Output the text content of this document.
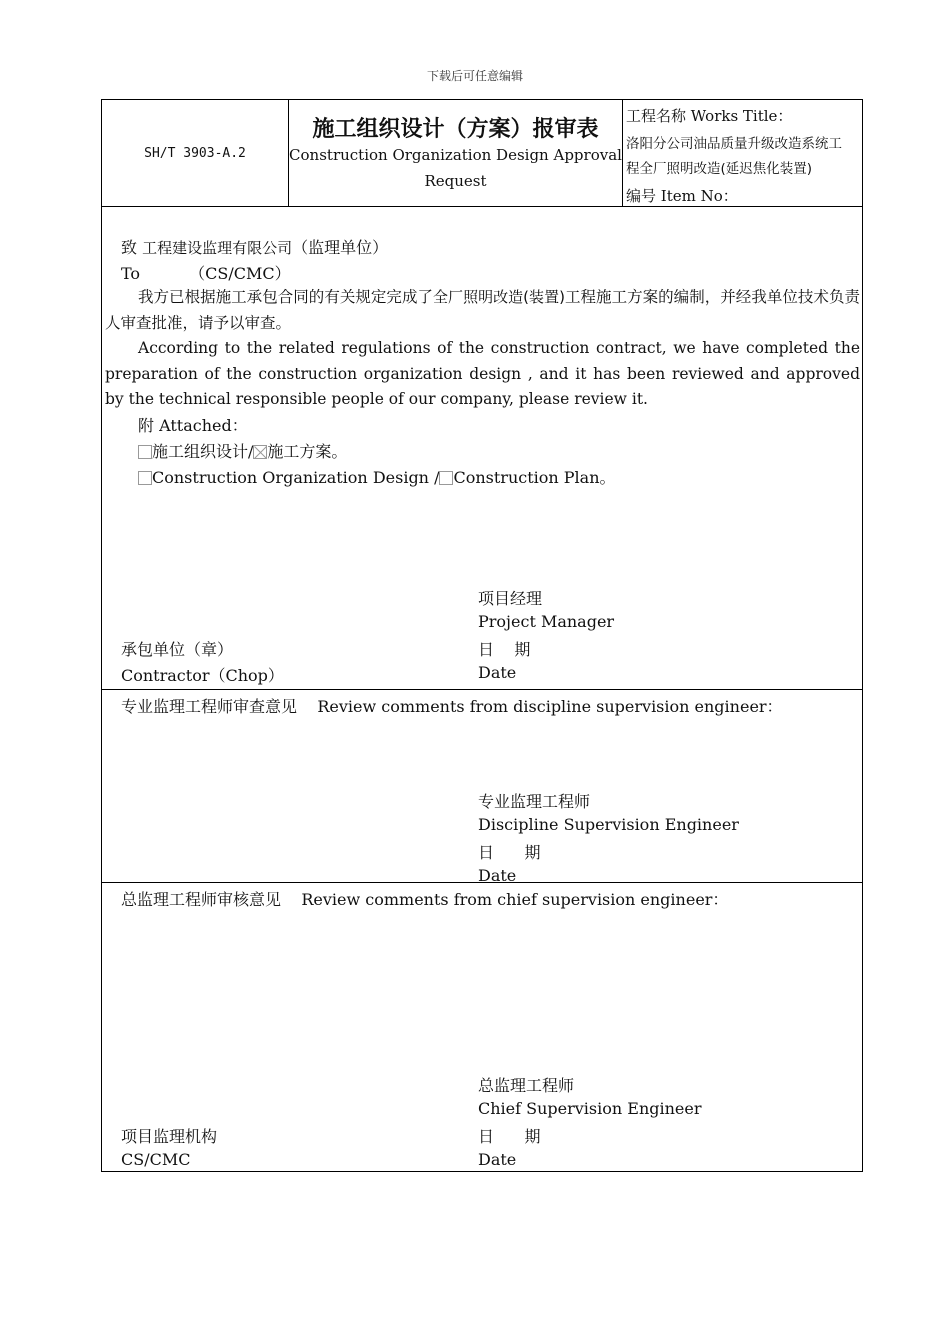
下载后可任意编辑
SH/T 3903-A.2
施工组织设计（方案）报审表
Construction Organization Design Approval
Request
工程名称 Works Title：
洛阳分公司油品质量升级改造系统工
程全厂照明改造(延迟焦化装置)
编号 Item No：
致 工程建设监理有限公司（监理单位）
To	（CS/CMC）
我方已根据施工承包合同的有关规定完成了全厂照明改造(装置)工程施工方案的编制，并经我单位技术负责人审查批准，请予以审查。
According to the related regulations of the construction contract, we have completed the preparation of the construction organization design , and it has been reviewed and approved by the technical responsible people of our company, please review it.
附 Attached：
施工组织设计/ 施工方案。
Construction Organization Design / Construction Plan。
项目经理
Project Manager
承包单位（章）	日    期
Contractor（Chop）	Date
专业监理工程师审查意见    Review comments from discipline supervision engineer：
专业监理工程师
Discipline Supervision Engineer
日      期
Date
总监理工程师审核意见    Review comments from chief supervision engineer：
总监理工程师
Chief Supervision Engineer
项目监理机构	日      期
CS/CMC	Date
